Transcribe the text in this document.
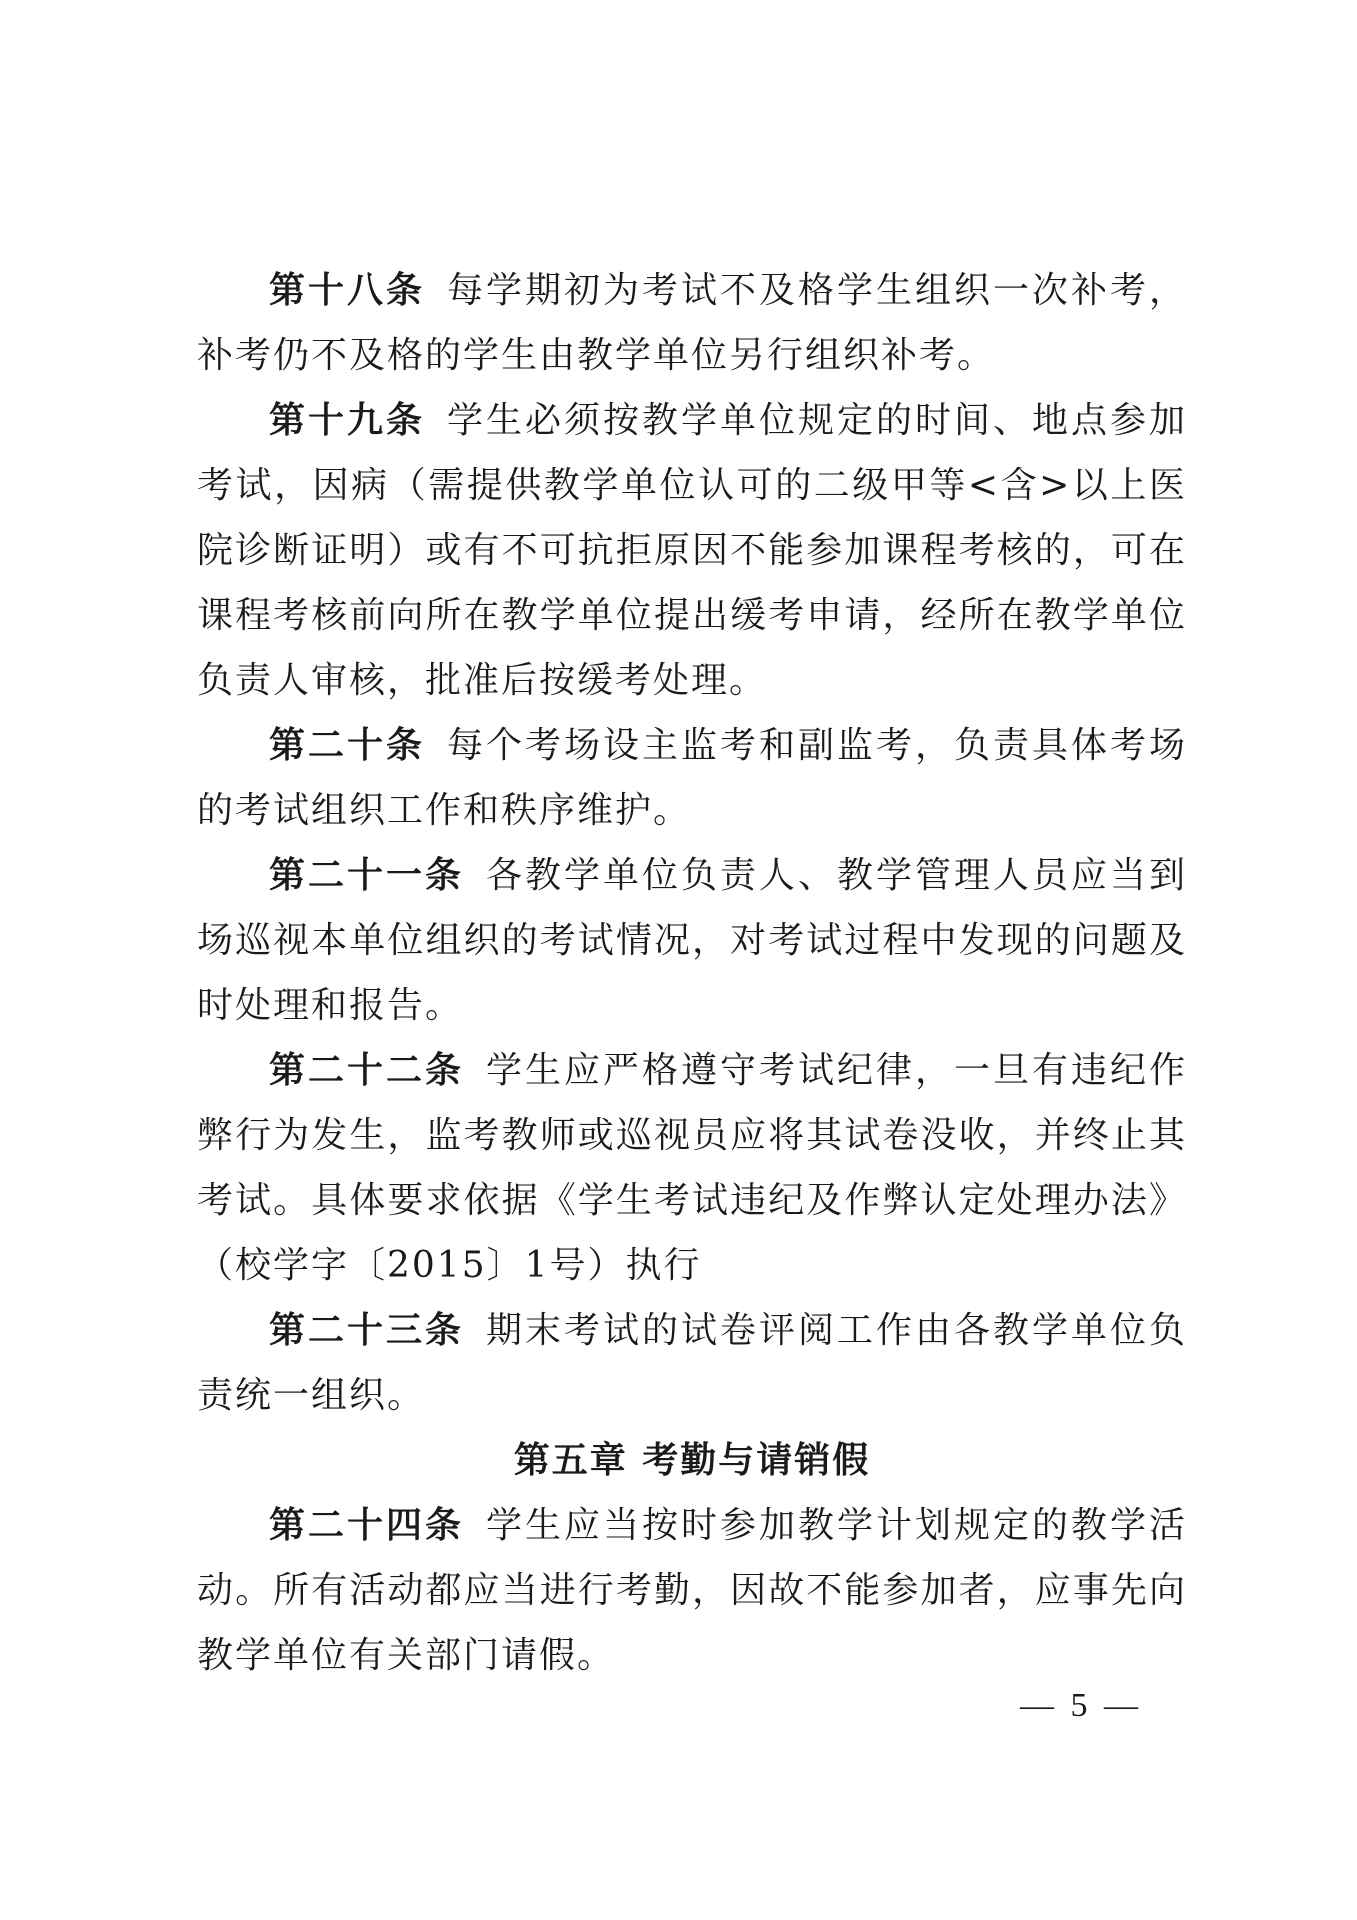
第十八条 每学期初为考试不及格学生组织一次补考，补考仍不及格的学生由教学单位另行组织补考。

第十九条 学生必须按教学单位规定的时间、地点参加考试，因病（需提供教学单位认可的二级甲等<含>以上医院诊断证明）或有不可抗拒原因不能参加课程考核的，可在课程考核前向所在教学单位提出缓考申请，经所在教学单位负责人审核，批准后按缓考处理。

第二十条 每个考场设主监考和副监考，负责具体考场的考试组织工作和秩序维护。

第二十一条 各教学单位负责人、教学管理人员应当到场巡视本单位组织的考试情况，对考试过程中发现的问题及时处理和报告。

第二十二条 学生应严格遵守考试纪律，一旦有违纪作弊行为发生，监考教师或巡视员应将其试卷没收，并终止其考试。具体要求依据《学生考试违纪及作弊认定处理办法》（校学字〔2015〕1号）执行

第二十三条 期末考试的试卷评阅工作由各教学单位负责统一组织。

第五章 考勤与请销假

第二十四条 学生应当按时参加教学计划规定的教学活动。所有活动都应当进行考勤，因故不能参加者，应事先向教学单位有关部门请假。

— 5 —
